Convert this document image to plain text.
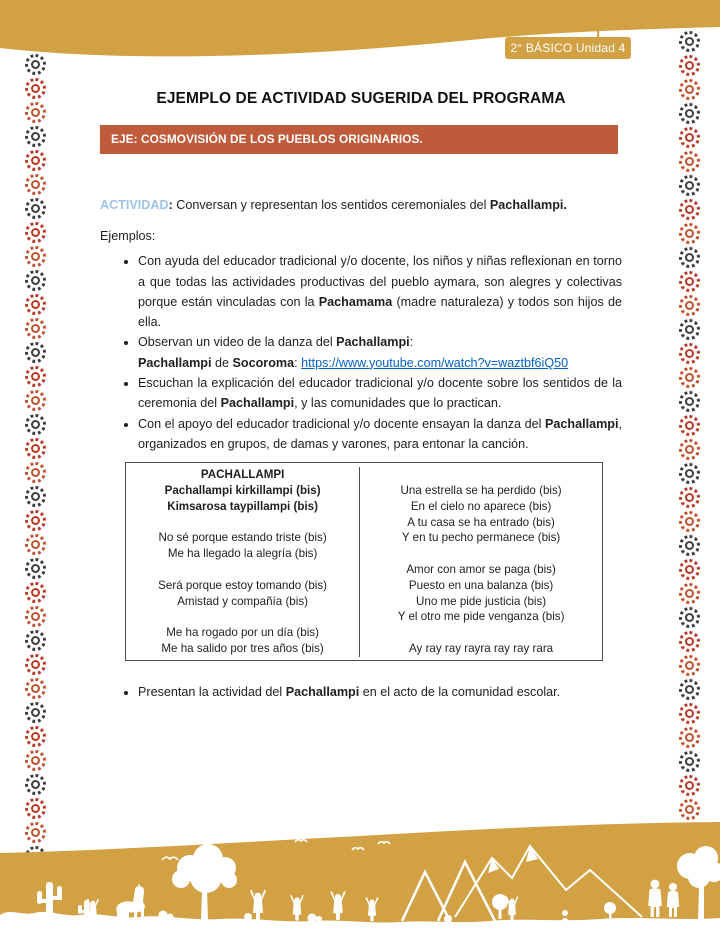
2° BÁSICO Unidad 4
EJEMPLO DE ACTIVIDAD SUGERIDA DEL PROGRAMA
EJE: COSMOVISIÓN DE LOS PUEBLOS ORIGINARIOS.

ACTIVIDAD: Conversan y representan los sentidos ceremoniales del Pachallampi.

Ejemplos:

• Con ayuda del educador tradicional y/o docente, los niños y niñas reflexionan en torno a que todas las actividades productivas del pueblo aymara, son alegres y colectivas porque están vinculadas con la Pachamama (madre naturaleza) y todos son hijos de ella.
• Observan un video de la danza del Pachallampi:
Pachallampi de Socoroma: https://www.youtube.com/watch?v=waztbf6iQ50
• Escuchan la explicación del educador tradicional y/o docente sobre los sentidos de la ceremonia del Pachallampi, y las comunidades que lo practican.
• Con el apoyo del educador tradicional y/o docente ensayan la danza del Pachallampi, organizados en grupos, de damas y varones, para entonar la canción.
PACHALLAMPI
Pachallampi kirkillampi (bis)
Kimsarosa taypillampi (bis)

No sé porque estando triste (bis)
Me ha llegado la alegría (bis)

Será porque estoy tomando (bis)
Amistad y compañía (bis)

Me ha rogado por un día (bis)
Me ha salido por tres años (bis)

Una estrella se ha perdido (bis)
En el cielo no aparece (bis)
A tu casa se ha entrado (bis)
Y en tu pecho permanece (bis)

Amor con amor se paga (bis)
Puesto en una balanza (bis)
Uno me pide justicia (bis)
Y el otro me pide venganza (bis)

Ay ray ray rayra ray ray rara
• Presentan la actividad del Pachallampi en el acto de la comunidad escolar.
